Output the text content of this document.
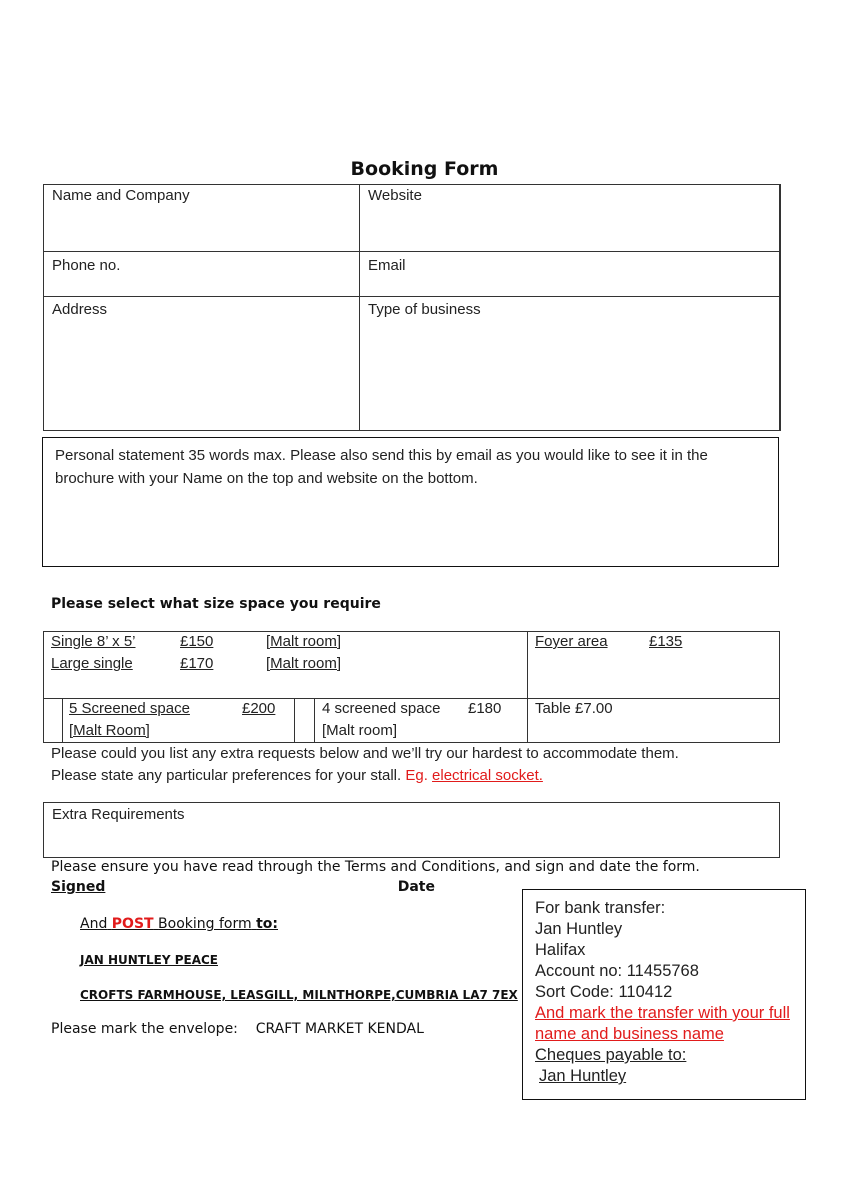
Booking Form
Name and Company	Website
Phone no.	Email
Address	Type of business
Personal statement 35 words max. Please also send this by email as you would like to see it in the brochure with your Name on the top and website on the bottom.
Please select what size space you require
Single 8’ x 5’	£150	[Malt room]
Large single	£170	[Malt room]
Foyer area	£135
5 Screened space	£200
[Malt Room]
4 screened space £180
[Malt room]
Table £7.00
Please could you list any extra requests below and we’ll try our hardest to accommodate them.
Please state any particular preferences for your stall. Eg. electrical socket.
Extra Requirements
Please ensure you have read through the Terms and Conditions, and sign and date the form.
Signed	Date
And POST Booking form to:
JAN HUNTLEY PEACE
CROFTS FARMHOUSE, LEASGILL, MILNTHORPE,CUMBRIA LA7 7EX
Please mark the envelope: CRAFT MARKET KENDAL
For bank transfer:
Jan Huntley
Halifax
Account no: 11455768
Sort Code: 110412
And mark the transfer with your full name and business name
Cheques payable to:
Jan Huntley
